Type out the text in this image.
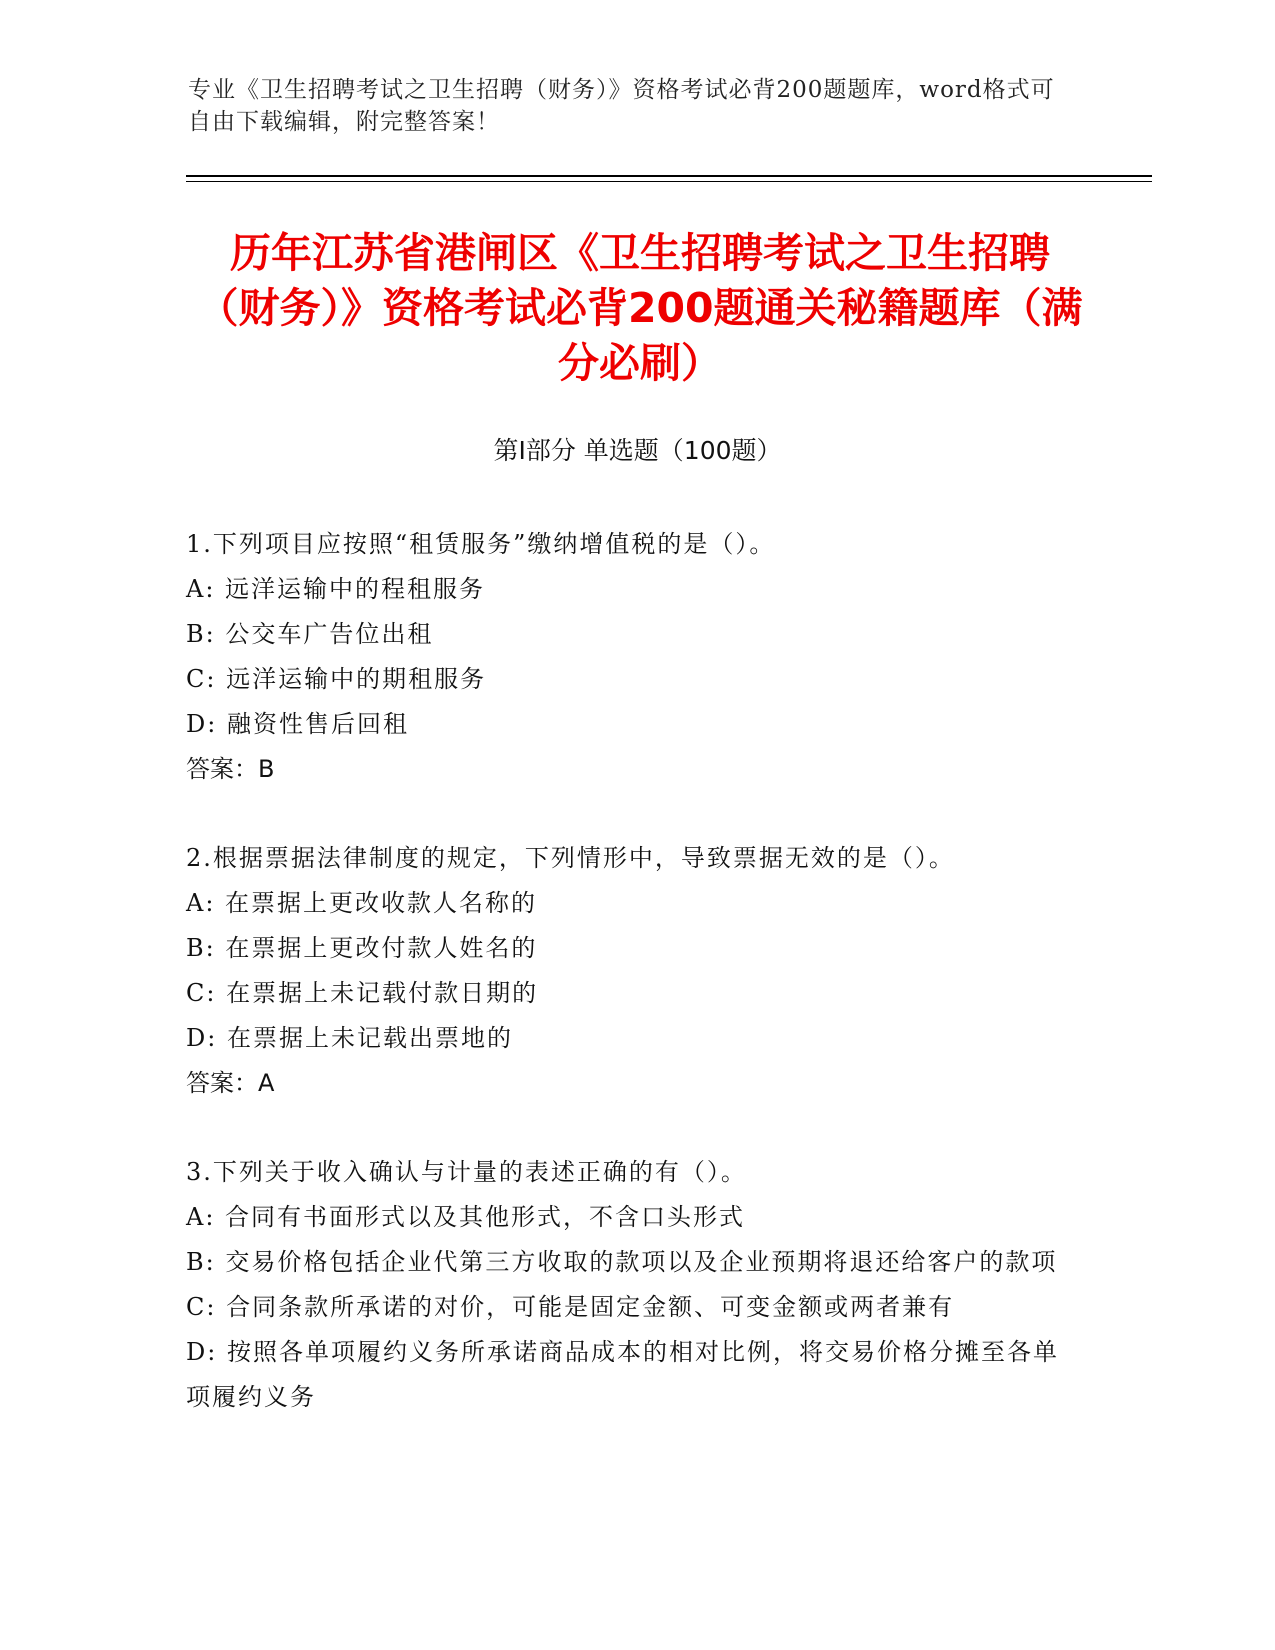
专业《卫生招聘考试之卫生招聘（财务）》资格考试必背200题题库，word格式可自由下载编辑，附完整答案！
历年江苏省港闸区《卫生招聘考试之卫生招聘（财务）》资格考试必背200题通关秘籍题库（满分必刷）
第I部分 单选题（100题）
1.下列项目应按照“租赁服务”缴纳增值税的是（）。
A: 远洋运输中的程租服务
B: 公交车广告位出租
C: 远洋运输中的期租服务
D: 融资性售后回租
答案：B
2.根据票据法律制度的规定，下列情形中，导致票据无效的是（）。
A: 在票据上更改收款人名称的
B: 在票据上更改付款人姓名的
C: 在票据上未记载付款日期的
D: 在票据上未记载出票地的
答案：A
3.下列关于收入确认与计量的表述正确的有（）。
A: 合同有书面形式以及其他形式，不含口头形式
B: 交易价格包括企业代第三方收取的款项以及企业预期将退还给客户的款项
C: 合同条款所承诺的对价，可能是固定金额、可变金额或两者兼有
D: 按照各单项履约义务所承诺商品成本的相对比例，将交易价格分摊至各单项履约义务
